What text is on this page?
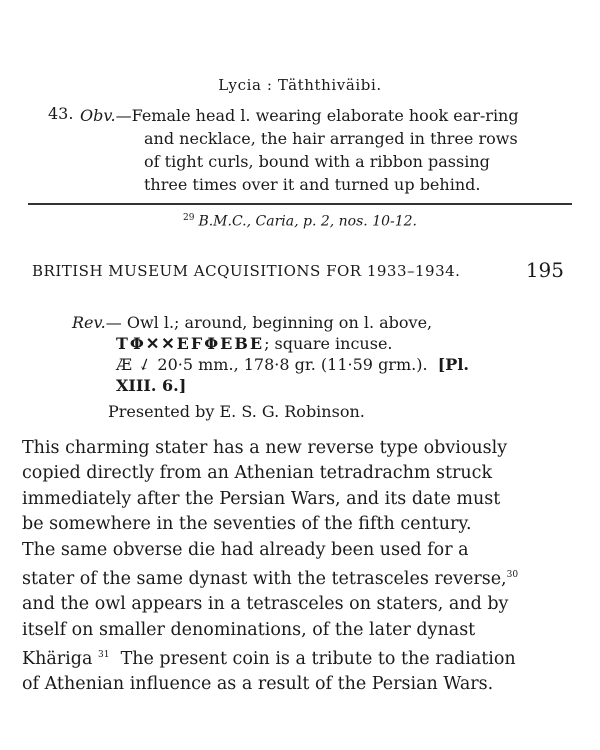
Lycia : Täththiväibi.
43. Obv.—Female head l. wearing elaborate hook ear-ring
and necklace, the hair arranged in three rows
of tight curls, bound with a ribbon passing
three times over it and turned up behind.
$^{29}$ B.M.C., Caria, p. 2, nos. 10-12.
BRITISH MUSEUM ACQUISITIONS FOR 1933–1934.	195
Rev.— Owl l.; around, beginning on l. above,
ΤΦ✕✕ΕϜΦΕΒΕ; square incuse.
Æ ↓ 20·5 mm., 178·8 gr. (11·59 grm.). [Pl.
XIII. 6.]
Presented by E. S. G. Robinson.
This charming stater has a new reverse type obviously
copied directly from an Athenian tetradrachm struck
immediately after the Persian Wars, and its date must
be somewhere in the seventies of the fifth century.
The same obverse die had already been used for a
stater of the same dynast with the tetrasceles reverse,$^{30}$
and the owl appears in a tetrasceles on staters, and by
itself on smaller denominations, of the later dynast
Khäriga $^{31}$ The present coin is a tribute to the radiation
of Athenian influence as a result of the Persian Wars.
